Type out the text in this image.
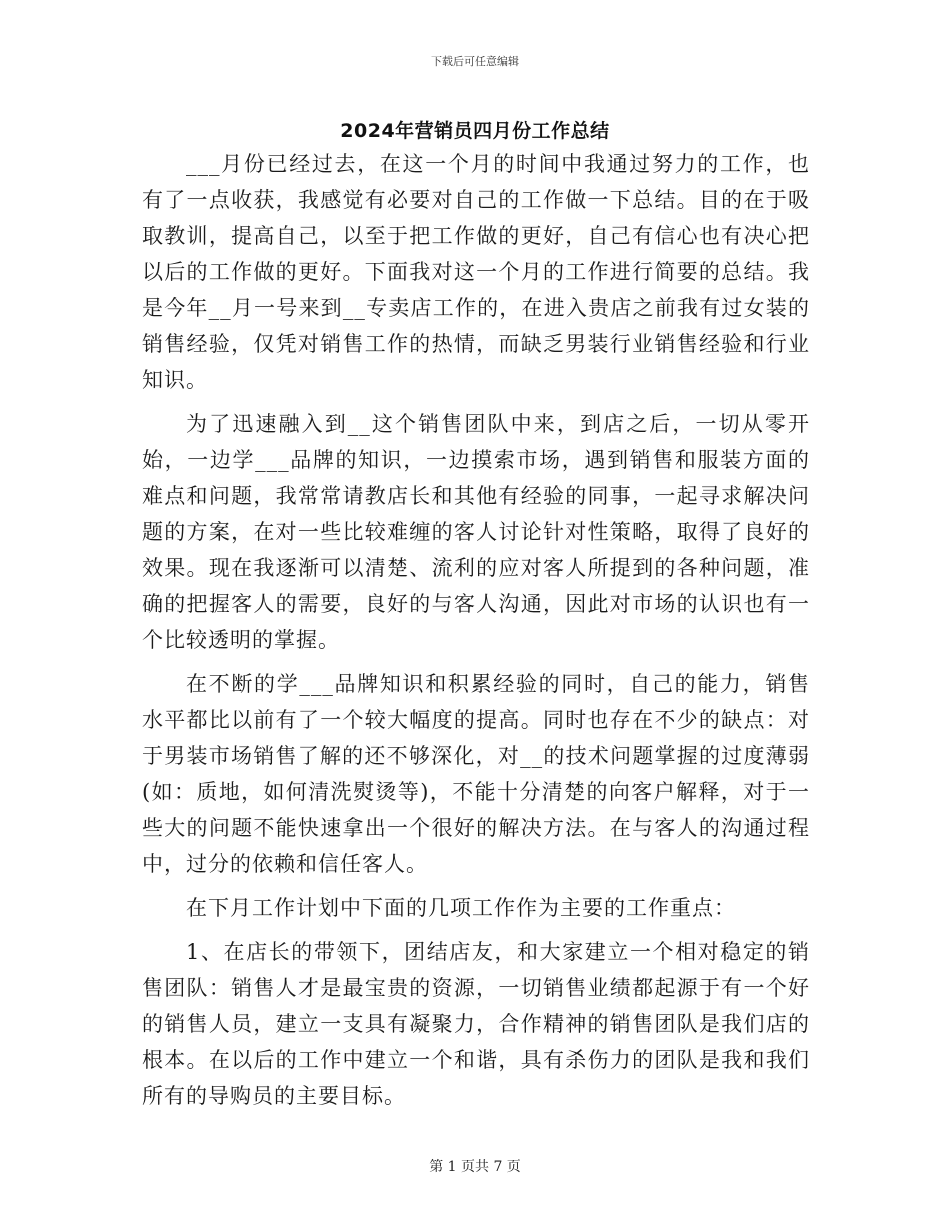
下载后可任意编辑
2024年营销员四月份工作总结

___月份已经过去，在这一个月的时间中我通过努力的工作，也有了一点收获，我感觉有必要对自己的工作做一下总结。目的在于吸取教训，提高自己，以至于把工作做的更好，自己有信心也有决心把以后的工作做的更好。下面我对这一个月的工作进行简要的总结。我是今年__月一号来到__专卖店工作的，在进入贵店之前我有过女装的销售经验，仅凭对销售工作的热情，而缺乏男装行业销售经验和行业知识。

为了迅速融入到__这个销售团队中来，到店之后，一切从零开始，一边学___品牌的知识，一边摸索市场，遇到销售和服装方面的难点和问题，我常常请教店长和其他有经验的同事，一起寻求解决问题的方案，在对一些比较难缠的客人讨论针对性策略，取得了良好的效果。现在我逐渐可以清楚、流利的应对客人所提到的各种问题，准确的把握客人的需要，良好的与客人沟通，因此对市场的认识也有一个比较透明的掌握。

在不断的学___品牌知识和积累经验的同时，自己的能力，销售水平都比以前有了一个较大幅度的提高。同时也存在不少的缺点：对于男装市场销售了解的还不够深化，对__的技术问题掌握的过度薄弱(如：质地，如何清洗熨烫等)，不能十分清楚的向客户解释，对于一些大的问题不能快速拿出一个很好的解决方法。在与客人的沟通过程中，过分的依赖和信任客人。

在下月工作计划中下面的几项工作作为主要的工作重点：

1、在店长的带领下，团结店友，和大家建立一个相对稳定的销售团队：销售人才是最宝贵的资源，一切销售业绩都起源于有一个好的销售人员，建立一支具有凝聚力，合作精神的销售团队是我们店的根本。在以后的工作中建立一个和谐，具有杀伤力的团队是我和我们所有的导购员的主要目标。

第 1 页共 7 页
